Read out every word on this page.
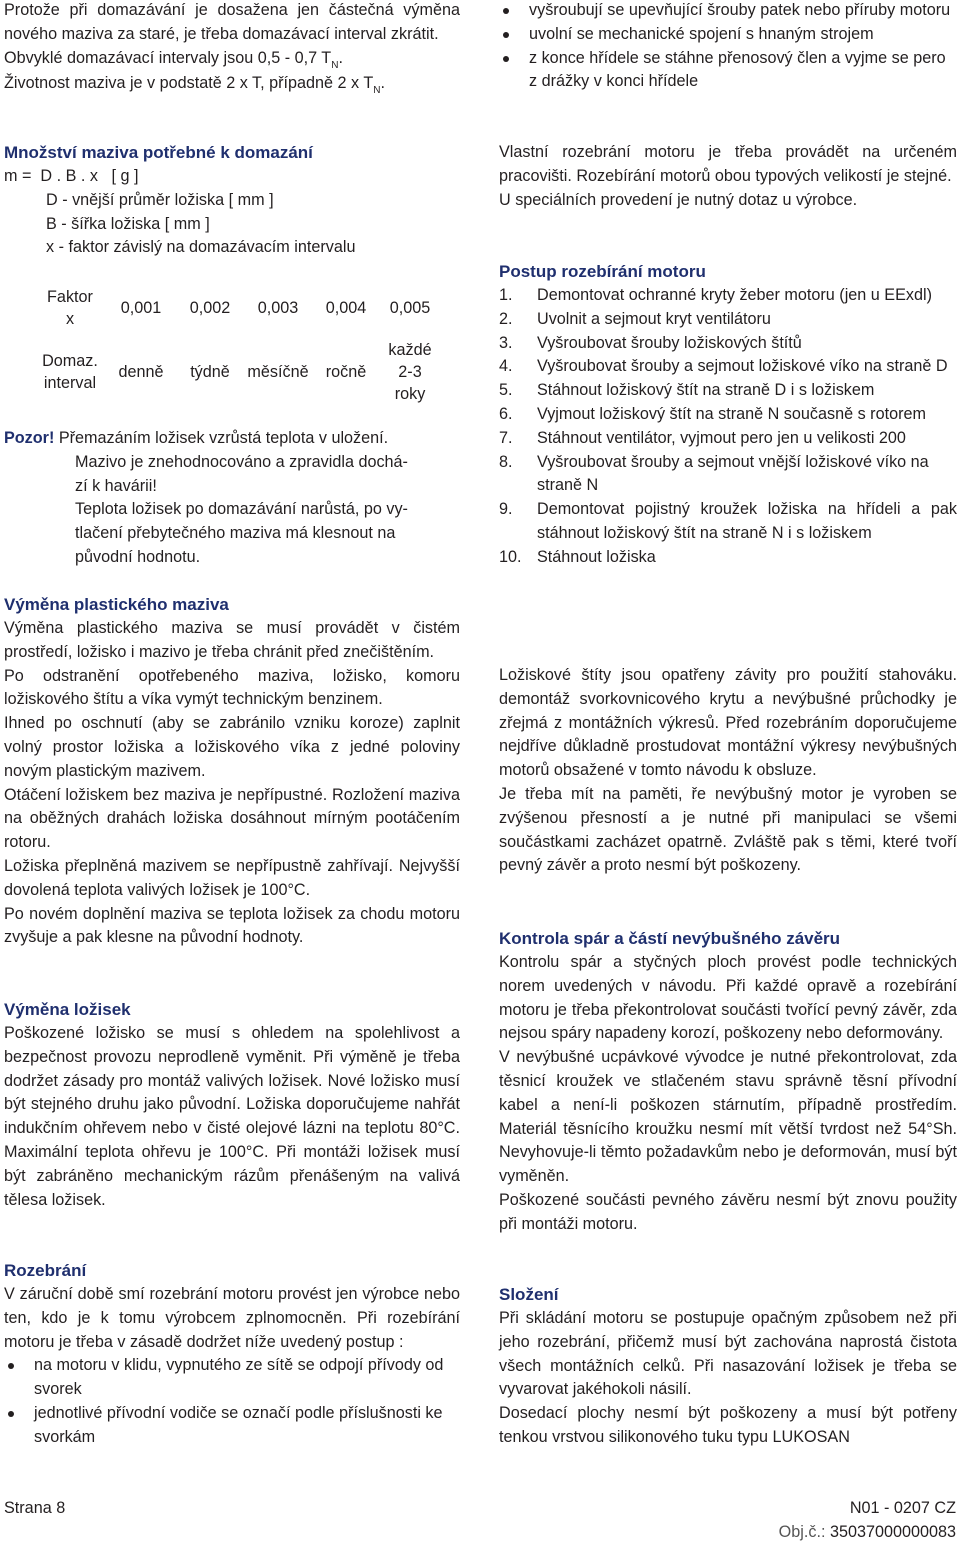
Protože při domazávání je dosažena jen částečná výměna nového maziva za staré, je třeba domazávací interval zkrátit.

Obvyklé domazávací intervaly jsou 0,5 - 0,7 $T_N$.

Životnost maziva je v podstatě 2 x T, případně 2 x $T_N$.

Množství maziva potřebné k domazání

m =  D . B . x   [ g ]

D - vnější průměr ložiska [ mm ]

B - šířka ložiska [ mm ]

x - faktor závislý na domazávacím intervalu

Faktor
x	0,001	0,002	0,003	0,004	0,005
Domaz.
interval	denně	týdně	měsíčně	ročně	každé
2-3
roky

Pozor! Přemazáním ložisek vzrůstá teplota v uložení.

Mazivo je znehodnocováno a zpravidla dochá-

zí k havárii!

Teplota ložisek po domazávání narůstá, po vy-

tlačení přebytečného maziva má klesnout na

původní hodnotu.

Výměna plastického maziva

Výměna plastického maziva se musí provádět v čistém prostředí, ložisko i mazivo je třeba chránit před znečištěním.

Po odstranění opotřebeného maziva, ložisko, komoru ložiskového štítu a víka vymýt technickým benzinem.

Ihned po oschnutí (aby se zabránilo vzniku koroze) zaplnit volný prostor ložiska a ložiskového víka z jedné poloviny novým plastickým mazivem.

Otáčení ložiskem bez maziva je nepřípustné. Rozložení maziva na oběžných drahách ložiska dosáhnout mírným pootáčením rotoru.

Ložiska přeplněná mazivem se nepřípustně zahřívají. Nejvyšší dovolená teplota valivých ložisek je 100°C.

Po novém doplnění maziva se teplota ložisek za chodu motoru zvyšuje a pak klesne na původní hodnoty.

Výměna ložisek

Poškozené ložisko se musí s ohledem na spolehlivost a bezpečnost provozu neprodleně vyměnit. Při výměně je třeba dodržet zásady pro montáž valivých ložisek. Nové ložisko musí být stejného druhu jako původní. Ložiska doporučujeme nahřát indukčním ohřevem nebo v čisté olejové lázni na teplotu 80°C. Maximální teplota ohřevu je 100°C. Při montáži ložisek musí být zabráněno mechanickým rázům přenášeným na valivá tělesa ložisek.

Rozebrání

V záruční době smí rozebrání motoru provést jen výrobce nebo ten, kdo je k tomu výrobcem zplnomocněn. Při rozebírání motoru je třeba v zásadě dodržet níže uvedený postup :

na motoru v klidu, vypnutého ze sítě se odpojí přívody od svorek
jednotlivé přívodní vodiče se označí podle příslušnosti ke svorkám
vyšroubují se upevňující šrouby patek nebo příruby motoru
uvolní se mechanické spojení s hnaným strojem
z konce hřídele se stáhne přenosový člen a vyjme se pero z drážky v konci hřídele

Vlastní rozebrání motoru je třeba provádět na určeném pracovišti. Rozebírání motorů obou typových velikostí je stejné.

U speciálních provedení je nutný dotaz u výrobce.

Postup rozebírání motoru
1. Demontovat ochranné kryty žeber motoru (jen u EExdl)
2. Uvolnit a sejmout kryt ventilátoru
3. Vyšroubovat šrouby ložiskových štítů
4. Vyšroubovat šrouby a sejmout ložiskové víko na straně D
5. Stáhnout ložiskový štít na straně D i s ložiskem
6. Vyjmout ložiskový štít na straně N současně s rotorem
7. Stáhnout ventilátor, vyjmout pero jen u velikosti 200
8. Vyšroubovat šrouby a sejmout vnější ložiskové víko na straně N
9. Demontovat pojistný kroužek ložiska na hřídeli a pak stáhnout ložiskový štít na straně N i s ložiskem
10. Stáhnout ložiska

Ložiskové štíty jsou opatřeny závity pro použití stahováku. demontáž svorkovnicového krytu a nevýbušné průchodky je zřejmá z montážních výkresů. Před rozebráním doporučujeme nejdříve důkladně prostudovat montážní výkresy nevýbušných motorů obsažené v tomto návodu k obsluze.

Je třeba mít na paměti, ře nevýbušný motor je vyroben se zvýšenou přesností a je nutné při manipulaci se všemi součástkami zacházet opatrně. Zvláště pak s těmi, které tvoří pevný závěr a proto nesmí být poškozeny.

Kontrola spár a částí nevýbušného závěru

Kontrolu spár a styčných ploch provést podle technických norem uvedených v návodu. Při každé opravě a rozebírání motoru je třeba překontrolovat součásti tvořící pevný závěr, zda nejsou spáry napadeny korozí, poškozeny nebo deformovány.

V nevýbušné ucpávkové vývodce je nutné překontrolovat, zda těsnicí kroužek ve stlačeném stavu správně těsní přívodní kabel a není-li poškozen stárnutím, případně prostředím. Materiál těsnícího kroužku nesmí mít větší tvrdost než 54°Sh. Nevyhovuje-li těmto požadavkům nebo je deformován, musí být vyměněn.

Poškozené součásti pevného závěru nesmí být znovu použity při montáži motoru.

Složení

Při skládání motoru se postupuje opačným způsobem než při jeho rozebrání, přičemž musí být zachována naprostá čistota všech montážních celků. Při nasazování ložisek je třeba se vyvarovat jakéhokoli násilí.

Dosedací plochy nesmí být poškozeny a musí být potřeny tenkou vrstvou silikonového tuku typu LUKOSAN

Strana 8	N01 - 0207 CZ
Obj.č.: 35037000000083
